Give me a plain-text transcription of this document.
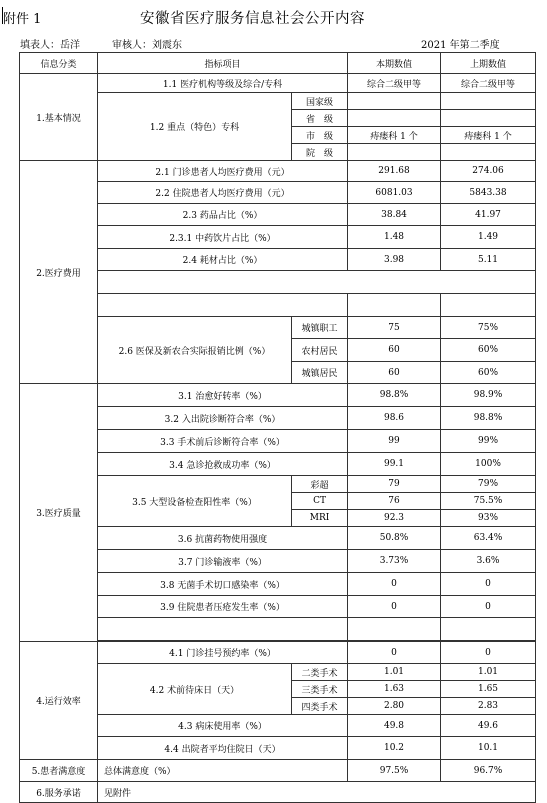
附件 1	安徽省医疗服务信息社会公开内容
填表人：岳洋	审核人：刘震东	2021 年第二季度
信息分类	指标项目		本期数值	上期数值
1.基本情况	1.1 医疗机构等级及综合/专科		综合二级甲等	综合二级甲等
	1.2 重点（特色）专科	国家级		
		省　级		
		市　级	痔瘘科 1 个	痔瘘科 1 个
		院　级		
2.医疗费用	2.1 门诊患者人均医疗费用（元）		291.68	274.06
	2.2 住院患者人均医疗费用（元）		6081.03	5843.38
	2.3 药品占比（%）		38.84	41.97
	2.3.1 中药饮片占比（%）		1.48	1.49
	2.4 耗材占比（%）		3.98	5.11

	2.6 医保及新农合实际报销比例（%）	城镇职工	75	75%
		农村居民	60	60%
		城镇居民	60	60%
3.医疗质量	3.1 治愈好转率（%）		98.8%	98.9%
	3.2 入出院诊断符合率（%）		98.6	98.8%
	3.3 手术前后诊断符合率（%）		99	99%
	3.4 急诊抢救成功率（%）		99.1	100%
	3.5 大型设备检查阳性率（%）	彩超	79	79%
		CT	76	75.5%
		MRI	92.3	93%
	3.6 抗菌药物使用强度		50.8%	63.4%
	3.7 门诊输液率（%）		3.73%	3.6%
	3.8 无菌手术切口感染率（%）		0	0
	3.9 住院患者压疮发生率（%）		0	0

4.运行效率	4.1 门诊挂号预约率（%）		0	0
	4.2 术前待床日（天）	二类手术	1.01	1.01
		三类手术	1.63	1.65
		四类手术	2.80	2.83
	4.3 病床使用率（%）		49.8	49.6
	4.4 出院者平均住院日（天）		10.2	10.1
5.患者满意度	总体满意度（%）		97.5%	96.7%
6.服务承诺	见附件			
